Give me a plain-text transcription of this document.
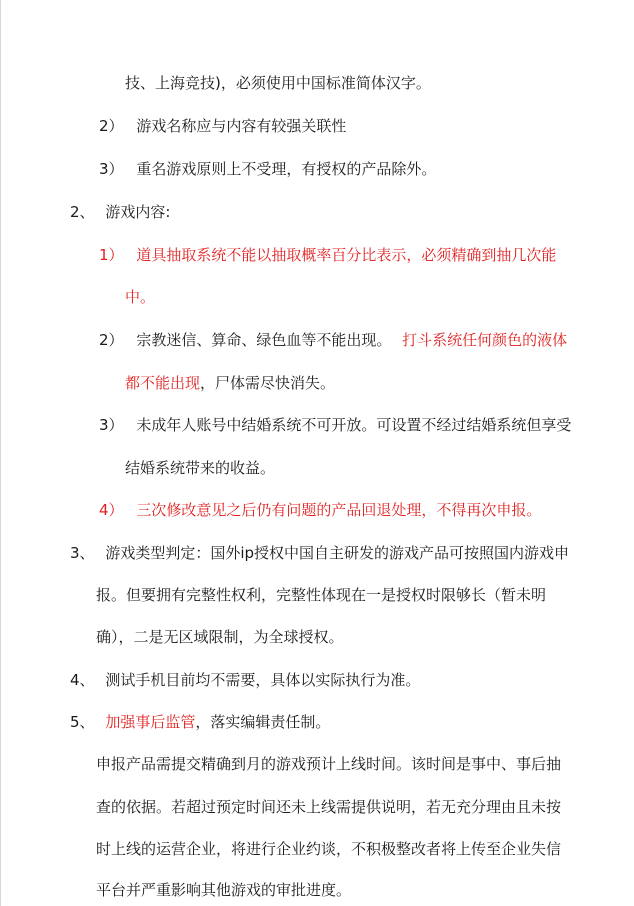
技、上海竞技)，必须使用中国标准简体汉字。
2） 游戏名称应与内容有较强关联性
3） 重名游戏原则上不受理，有授权的产品除外。
2、 游戏内容:
1） 道具抽取系统不能以抽取概率百分比表示，必须精确到抽几次能
中。
2） 宗教迷信、算命、绿色血等不能出现。 打斗系统任何颜色的液体
都不能出现，尸体需尽快消失。
3） 未成年人账号中结婚系统不可开放。可设置不经过结婚系统但享受
结婚系统带来的收益。
4） 三次修改意见之后仍有问题的产品回退处理，不得再次申报。
3、 游戏类型判定：国外ip授权中国自主研发的游戏产品可按照国内游戏申
报。但要拥有完整性权利，完整性体现在一是授权时限够长（暂未明
确），二是无区域限制，为全球授权。
4、 测试手机目前均不需要，具体以实际执行为准。
5、 加强事后监管，落实编辑责任制。
申报产品需提交精确到月的游戏预计上线时间。该时间是事中、事后抽
查的依据。若超过预定时间还未上线需提供说明，若无充分理由且未按
时上线的运营企业，将进行企业约谈，不积极整改者将上传至企业失信
平台并严重影响其他游戏的审批进度。
